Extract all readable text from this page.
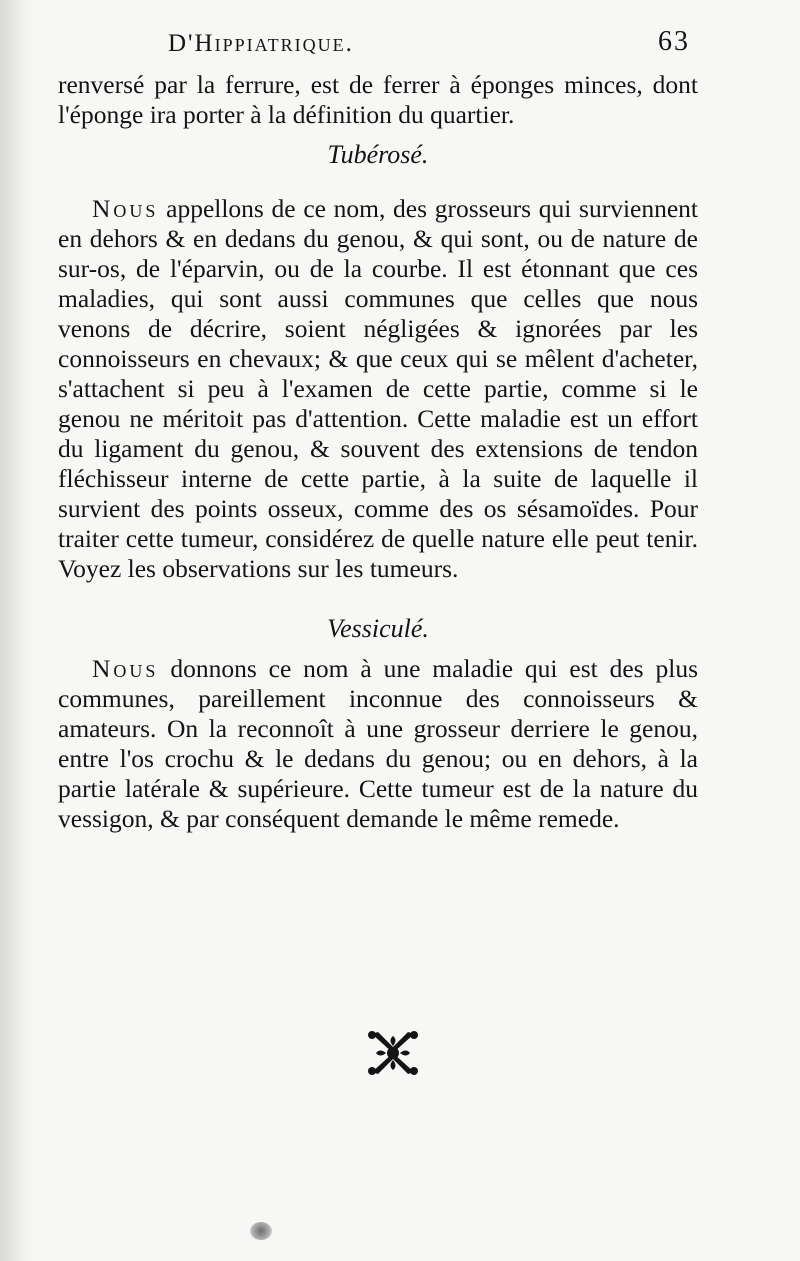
D'Hippiatrique.	63

renversé par la ferrure, est de ferrer à éponges minces, dont l'éponge ira porter à la définition du quartier.

Tubérosé.

Nous appellons de ce nom, des grosseurs qui surviennent en dehors & en dedans du genou, & qui sont, ou de nature de sur-os, de l'éparvin, ou de la courbe. Il est étonnant que ces maladies, qui sont aussi communes que celles que nous venons de décrire, soient négligées & ignorées par les connoisseurs en chevaux; & que ceux qui se mêlent d'acheter, s'attachent si peu à l'examen de cette partie, comme si le genou ne méritoit pas d'attention. Cette maladie est un effort du ligament du genou, & souvent des extensions de tendon fléchisseur interne de cette partie, à la suite de laquelle il survient des points osseux, comme des os sésamoïdes. Pour traiter cette tumeur, considérez de quelle nature elle peut tenir. Voyez les observations sur les tumeurs.

Vessiculé.

Nous donnons ce nom à une maladie qui est des plus communes, pareillement inconnue des connoisseurs & amateurs. On la reconnoît à une grosseur derriere le genou, entre l'os crochu & le dedans du genou; ou en dehors, à la partie latérale & supérieure. Cette tumeur est de la nature du vessigon, & par conséquent demande le même remede.
